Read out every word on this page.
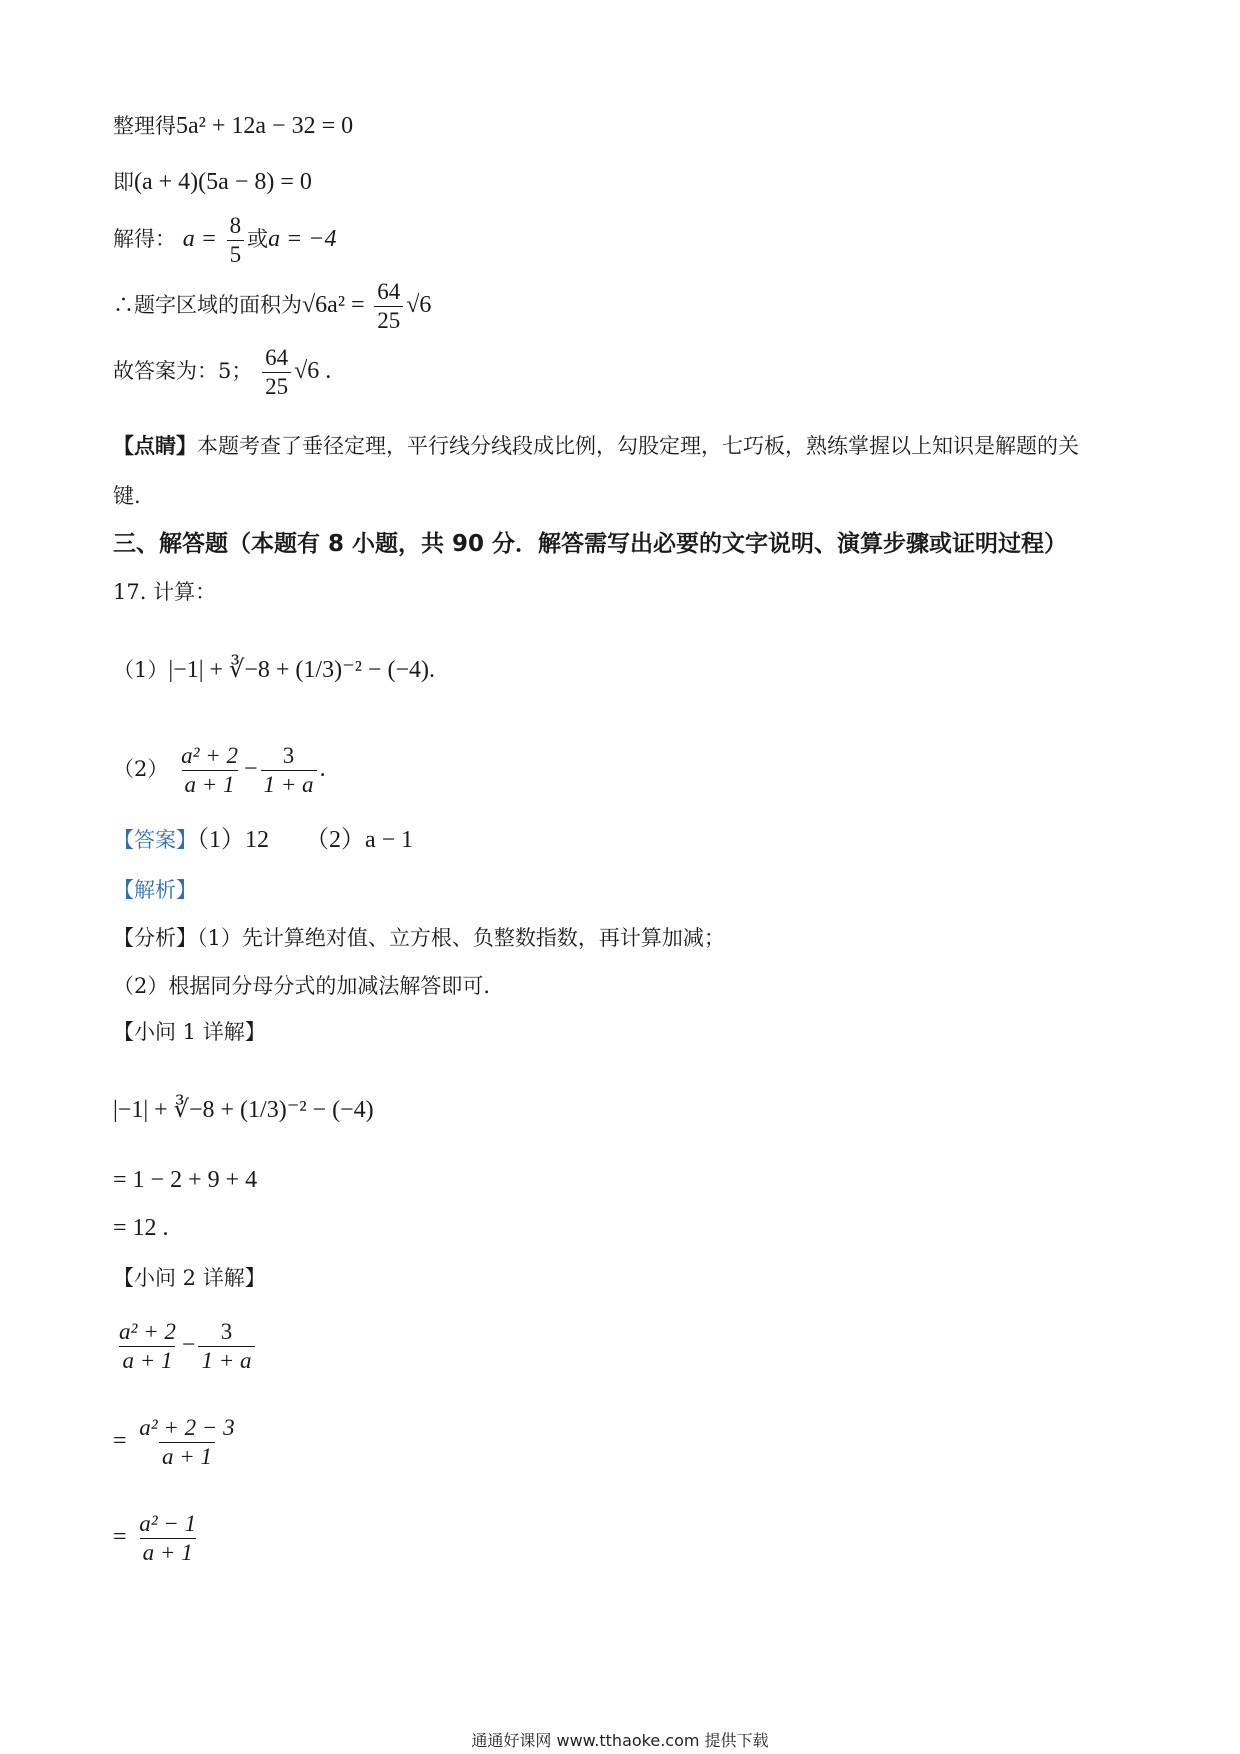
整理得5a² + 12a − 32 = 0
即(a + 4)(5a − 8) = 0
解得： $a = \frac{8}{5}$ 或a = −4
∴题字区域的面积为$√6a^2 = \frac{64}{25} √6$
故答案为：5； $\frac{64}{25} √6$ .
【点睛】本题考查了垂径定理，平行线分线段成比例，勾股定理，七巧板，熟练掌握以上知识是解题的关
键.
三、解答题（本题有 8 小题，共 90 分．解答需写出必要的文字说明、演算步骤或证明过程）
17. 计算：
（1）|−1| + ∛−8 + (1/3)⁻² − (−4).
$(2) \frac{\text{a² + 2}}{a + 1} - \frac{3}{1 + a}$ .
【答案】（1）12　　（2）a − 1
【解析】
【分析】（1）先计算绝对值、立方根、负整数指数，再计算加减；
（2）根据同分母分式的加减法解答即可．
【小问 1 详解】
|−1| + ∛−8 + (1/3)⁻² − (−4)
= 1 − 2 + 9 + 4
= 12 .
【小问 2 详解】
$\frac{\text{a² + 2}}{a + 1} - \frac{3}{1 + a}$
= $\frac{\text{a² + 2 − 3}}{a + 1}$
= $\frac{\text{a² − 1}}{a + 1}$
通通好课网 www.tthaoke.com 提供下载
